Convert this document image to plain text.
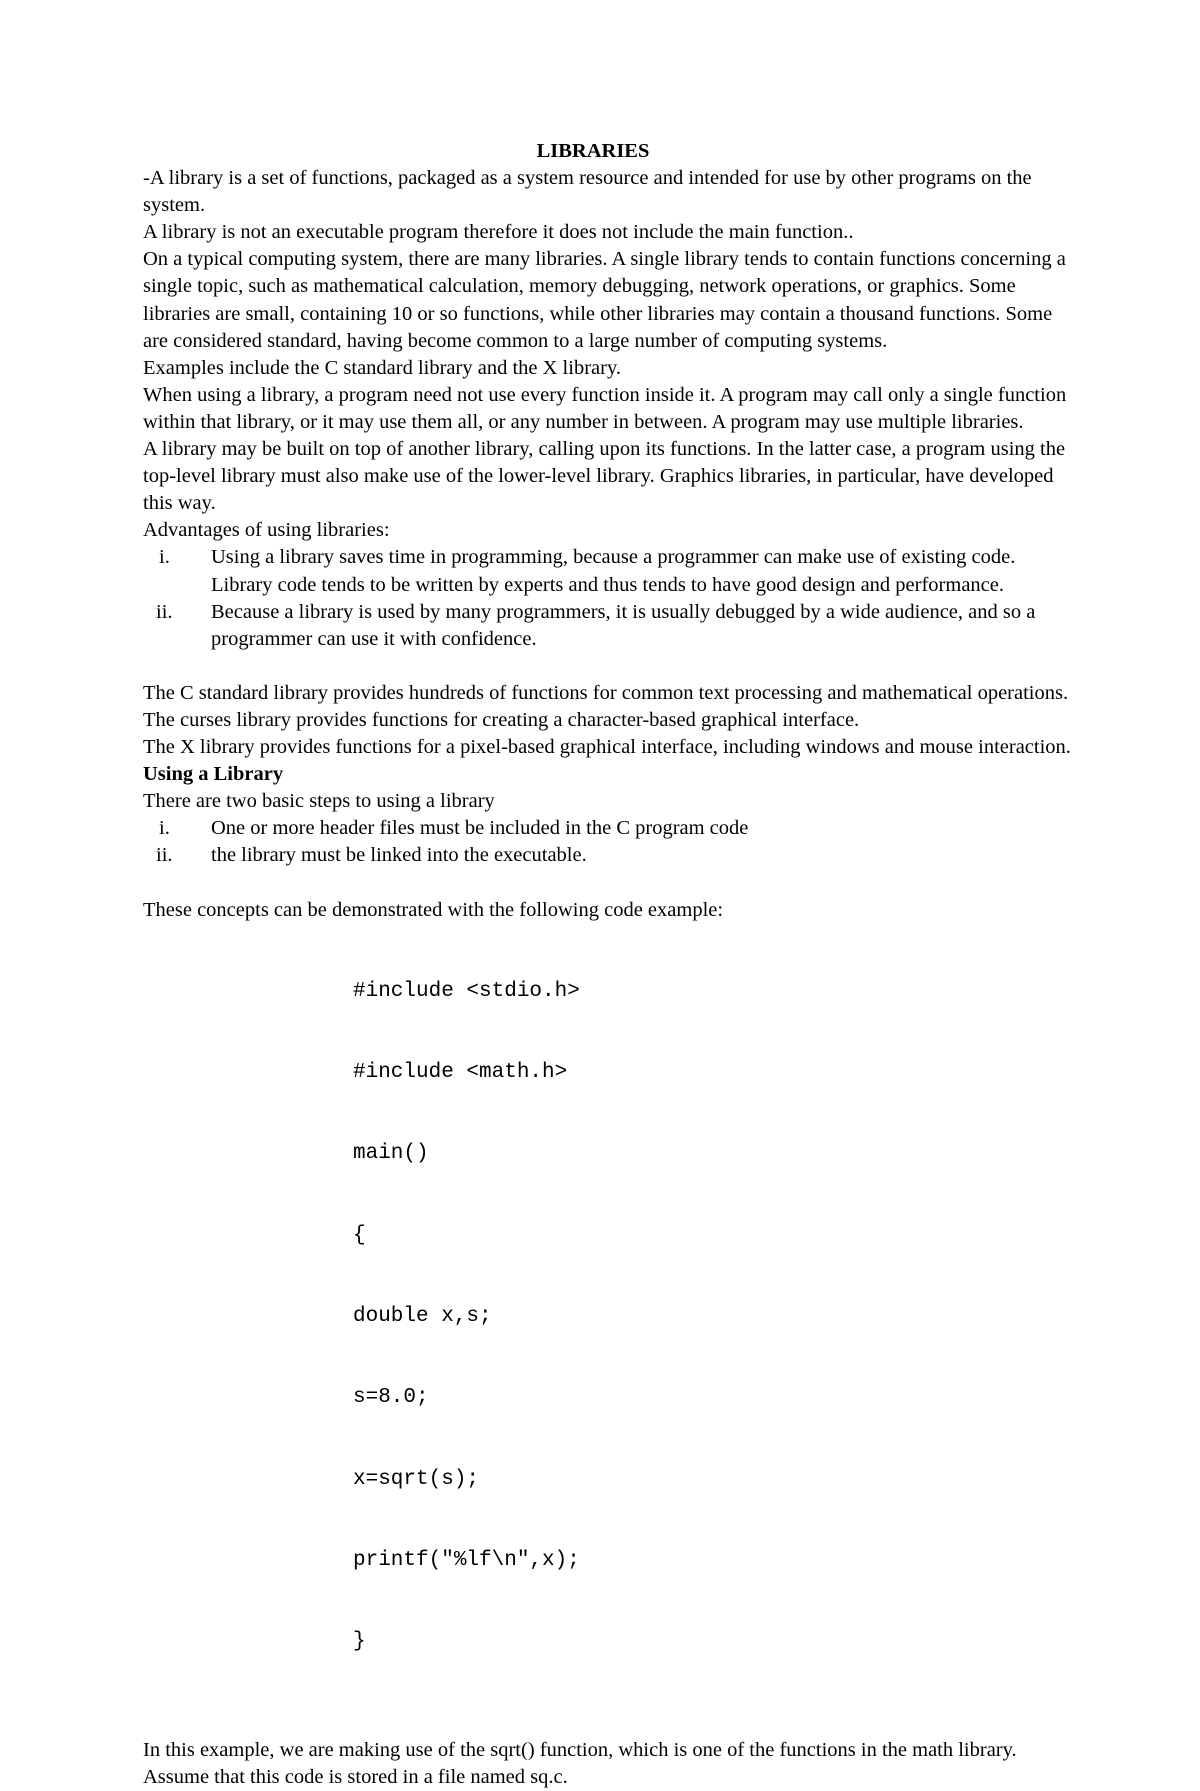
LIBRARIES

-A library is a set of functions, packaged as a system resource and intended for use by other programs on the system.

A library is not an executable program therefore it does not include the main function..

On a typical computing system, there are many libraries. A single library tends to contain functions concerning a single topic, such as mathematical calculation, memory debugging, network operations, or graphics. Some libraries are small, containing 10 or so functions, while other libraries may contain a thousand functions. Some are considered standard, having become common to a large number of computing systems.

Examples include the C standard library and the X library.

When using a library, a program need not use every function inside it. A program may call only a single function within that library, or it may use them all, or any number in between. A program may use multiple libraries.

A library may be built on top of another library, calling upon its functions. In the latter case, a program using the top-level library must also make use of the lower-level library. Graphics libraries, in particular, have developed this way.

Advantages of using libraries:

i.	Using a library saves time in programming, because a programmer can make use of existing code. Library code tends to be written by experts and thus tends to have good design and performance.
ii.	Because a library is used by many programmers, it is usually debugged by a wide audience, and so a programmer can use it with confidence.

The C standard library provides hundreds of functions for common text processing and mathematical operations.

The curses library provides functions for creating a character-based graphical interface.

The X library provides functions for a pixel-based graphical interface, including windows and mouse interaction.

Using a Library

There are two basic steps to using a library

i.	One or more header files must be included in the C program code
ii.	the library must be linked into the executable.

These concepts can be demonstrated with the following code example:

#include <stdio.h>

#include <math.h>

main()

{

double x,s;

s=8.0;

x=sqrt(s);

printf("%lf\n",x);

}

In this example, we are making use of the sqrt() function, which is one of the functions in the math library. Assume that this code is stored in a file named sq.c.
